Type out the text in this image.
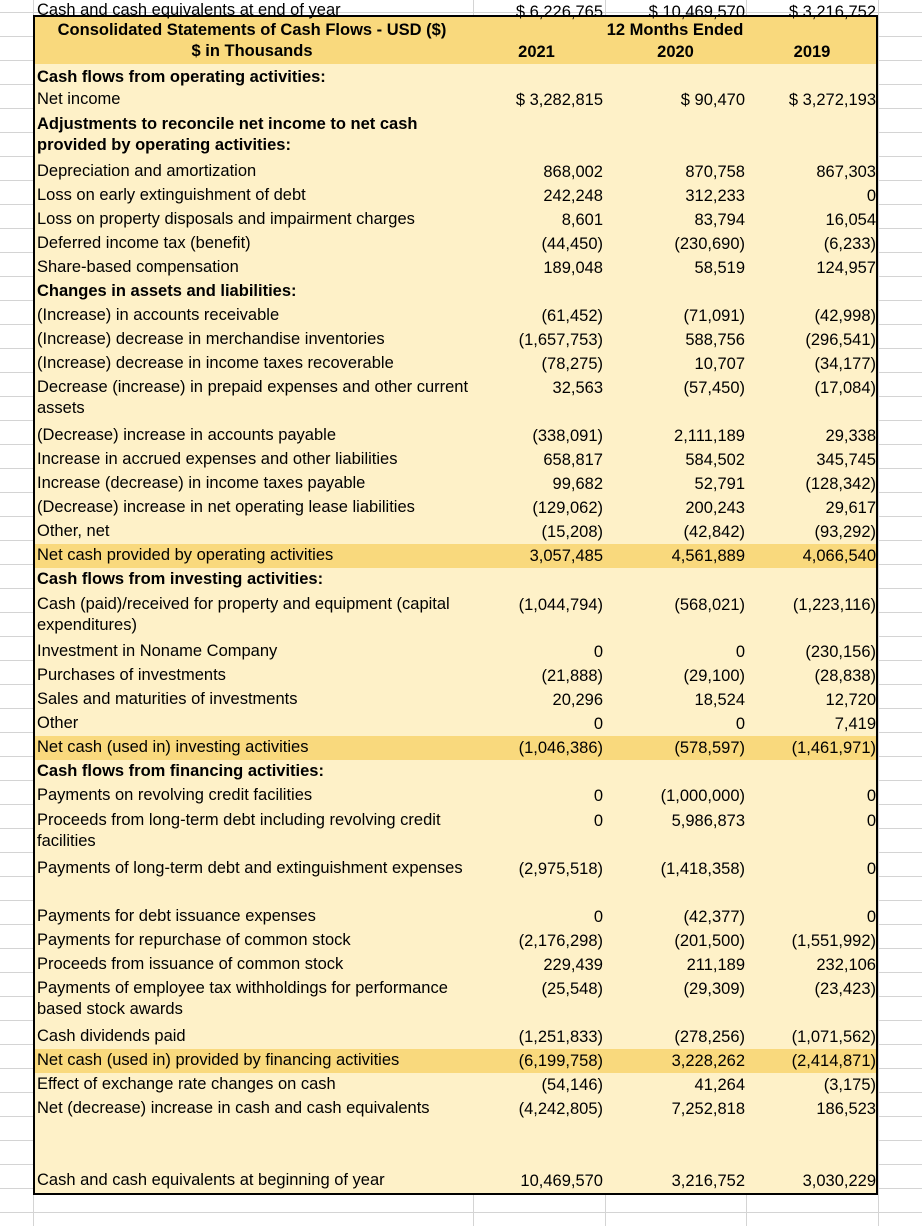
Consolidated Statements of Cash Flows - USD ($)
$ in Thousands
12 Months Ended
2021	2020	2019
Cash flows from operating activities:
Net income	$ 3,282,815	$ 90,470	$ 3,272,193
Adjustments to reconcile net income to net cash provided by operating activities:
Depreciation and amortization	868,002	870,758	867,303
Loss on early extinguishment of debt	242,248	312,233	0
Loss on property disposals and impairment charges	8,601	83,794	16,054
Deferred income tax (benefit)	(44,450)	(230,690)	(6,233)
Share-based compensation	189,048	58,519	124,957
Changes in assets and liabilities:
(Increase) in accounts receivable	(61,452)	(71,091)	(42,998)
(Increase) decrease in merchandise inventories	(1,657,753)	588,756	(296,541)
(Increase) decrease in income taxes recoverable	(78,275)	10,707	(34,177)
Decrease (increase) in prepaid expenses and other current assets
32,563	(57,450)	(17,084)
(Decrease) increase in accounts payable	(338,091)	2,111,189	29,338
Increase in accrued expenses and other liabilities	658,817	584,502	345,745
Increase (decrease) in income taxes payable	99,682	52,791	(128,342)
(Decrease) increase in net operating lease liabilities	(129,062)	200,243	29,617
Other, net	(15,208)	(42,842)	(93,292)
Net cash provided by operating activities	3,057,485	4,561,889	4,066,540
Cash flows from investing activities:
Cash (paid)/received for property and equipment (capital expenditures)
(1,044,794)	(568,021)	(1,223,116)
Investment in Noname Company	0	0	(230,156)
Purchases of investments	(21,888)	(29,100)	(28,838)
Sales and maturities of investments	20,296	18,524	12,720
Other	0	0	7,419
Net cash (used in) investing activities	(1,046,386)	(578,597)	(1,461,971)
Cash flows from financing activities:
Payments on revolving credit facilities	0	(1,000,000)	0
Proceeds from long-term debt including revolving credit facilities
0	5,986,873	0
Payments of long-term debt and extinguishment expenses	(2,975,518)	(1,418,358)	0
Payments for debt issuance expenses	0	(42,377)	0
Payments for repurchase of common stock	(2,176,298)	(201,500)	(1,551,992)
Proceeds from issuance of common stock	229,439	211,189	232,106
Payments of employee tax withholdings for performance based stock awards
(25,548)	(29,309)	(23,423)
Cash dividends paid	(1,251,833)	(278,256)	(1,071,562)
Net cash (used in) provided by financing activities	(6,199,758)	3,228,262	(2,414,871)
Effect of exchange rate changes on cash	(54,146)	41,264	(3,175)
Net (decrease) increase in cash and cash equivalents	(4,242,805)	7,252,818	186,523
Cash and cash equivalents at beginning of year	10,469,570	3,216,752	3,030,229
Cash and cash equivalents at end of year	$ 6,226,765	$ 10,469,570	$ 3,216,752
